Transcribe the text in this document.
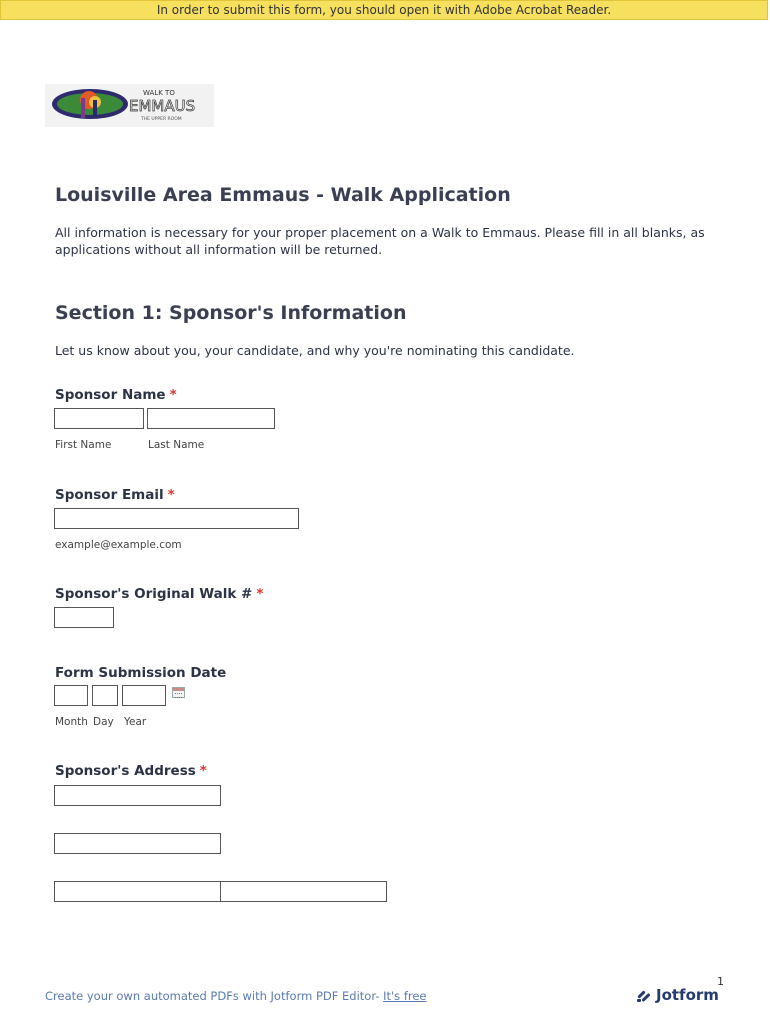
In order to submit this form, you should open it with Adobe Acrobat Reader.
WALK TO
EMMAUS
THE UPPER ROOM
Louisville Area Emmaus - Walk Application
All information is necessary for your proper placement on a Walk to Emmaus. Please fill in all blanks, as applications without all information will be returned.
Section 1: Sponsor's Information
Let us know about you, your candidate, and why you're nominating this candidate.
Sponsor Name *
First Name	Last Name
Sponsor Email *
example@example.com
Sponsor's Original Walk # *
Form Submission Date
Month Day Year
Sponsor's Address *
Create your own automated PDFs with Jotform PDF Editor- It's free
1
Jotform
